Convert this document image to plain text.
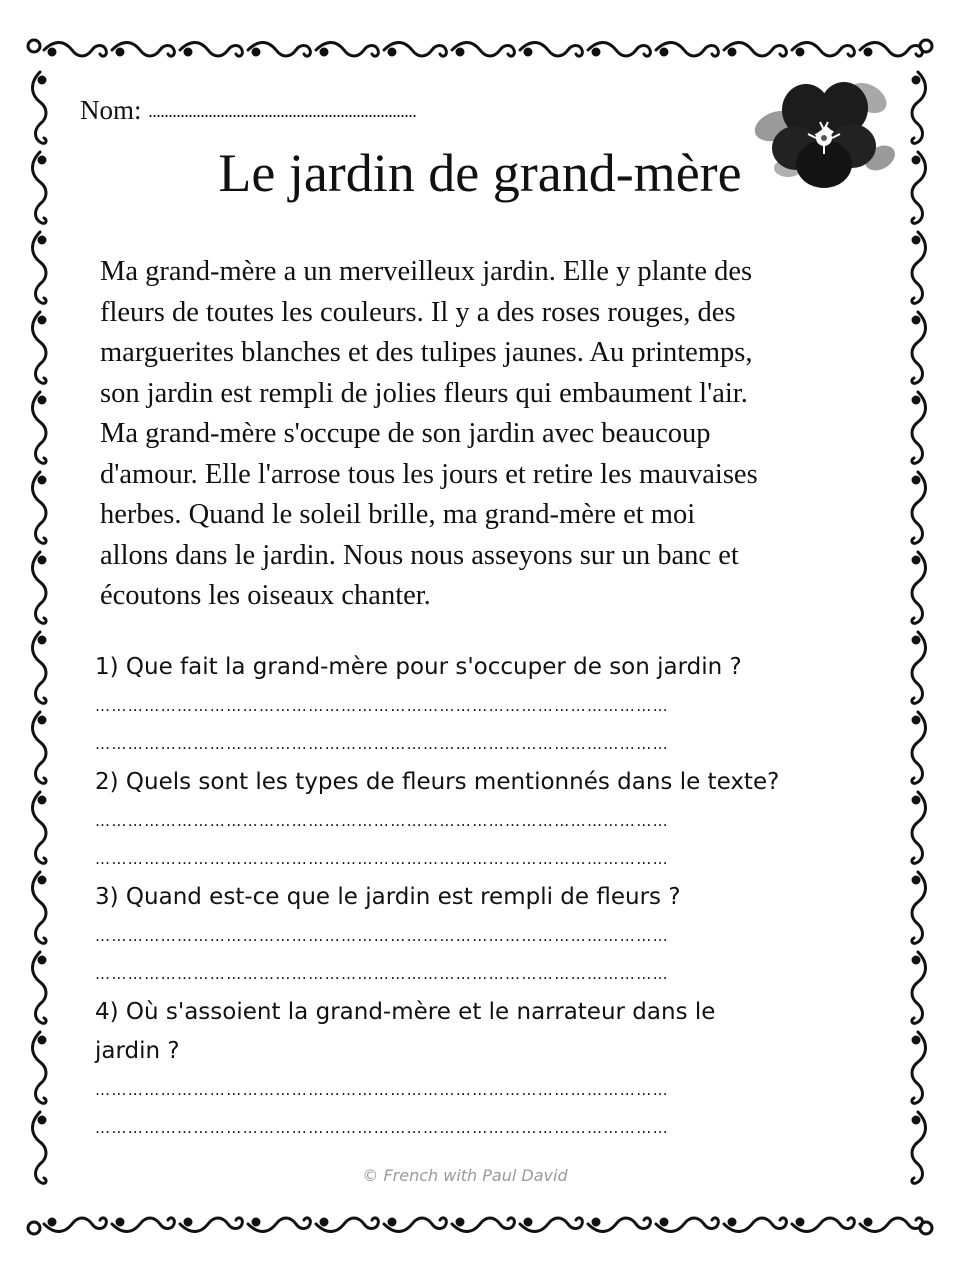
Nom: ...................................................................
Le jardin de grand-mère
Ma grand-mère a un merveilleux jardin. Elle y plante des
fleurs de toutes les couleurs. Il y a des roses rouges, des
marguerites blanches et des tulipes jaunes. Au printemps,
son jardin est rempli de jolies fleurs qui embaument l'air.
Ma grand-mère s'occupe de son jardin avec beaucoup
d'amour. Elle l'arrose tous les jours et retire les mauvaises
herbes. Quand le soleil brille, ma grand-mère et moi
allons dans le jardin. Nous nous asseyons sur un banc et
écoutons les oiseaux chanter.
1) Que fait la grand-mère pour s'occuper de son jardin ?
……………………………………………………………………………………………
……………………………………………………………………………………………
2) Quels sont les types de fleurs mentionnés dans le texte?
……………………………………………………………………………………………
……………………………………………………………………………………………
3) Quand est-ce que le jardin est rempli de fleurs ?
……………………………………………………………………………………………
……………………………………………………………………………………………
4) Où s'assoient la grand-mère et le narrateur dans le
jardin ?
……………………………………………………………………………………………
……………………………………………………………………………………………
© French with Paul David
